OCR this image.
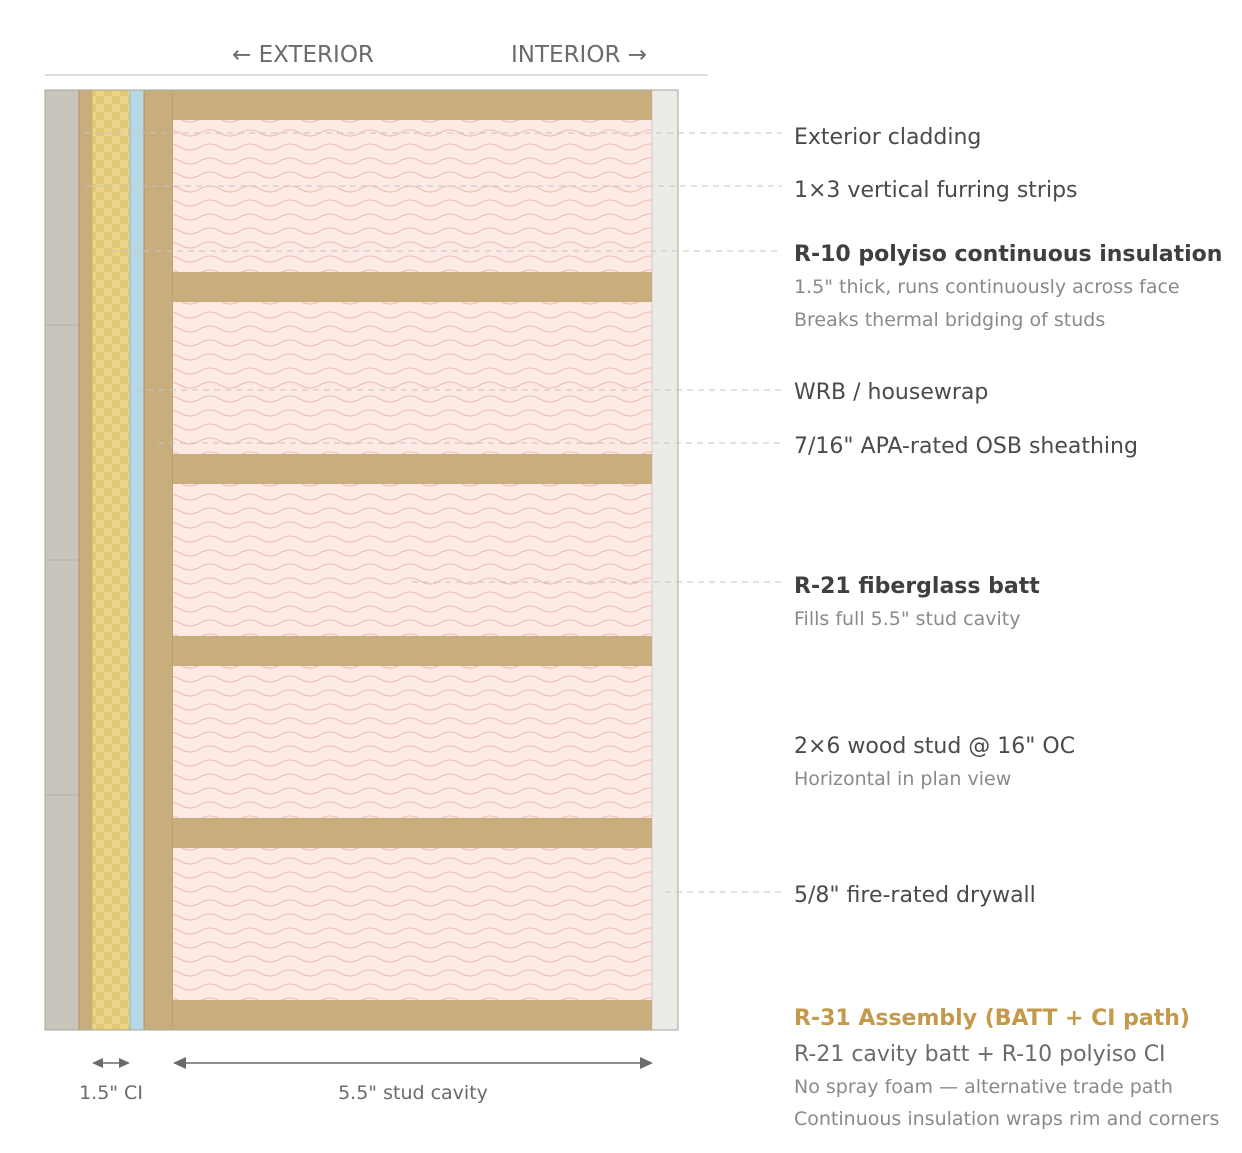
← EXTERIOR	INTERIOR →
Exterior cladding
1×3 vertical furring strips
R-10 polyiso continuous insulation
1.5" thick, runs continuously across face
Breaks thermal bridging of studs
WRB / housewrap
7/16" APA-rated OSB sheathing
R-21 fiberglass batt
Fills full 5.5" stud cavity
2×6 wood stud @ 16" OC
Horizontal in plan view
5/8" fire-rated drywall
R-31 Assembly (BATT + CI path)
R-21 cavity batt + R-10 polyiso CI
No spray foam — alternative trade path
Continuous insulation wraps rim and corners
1.5" CI	5.5" stud cavity
